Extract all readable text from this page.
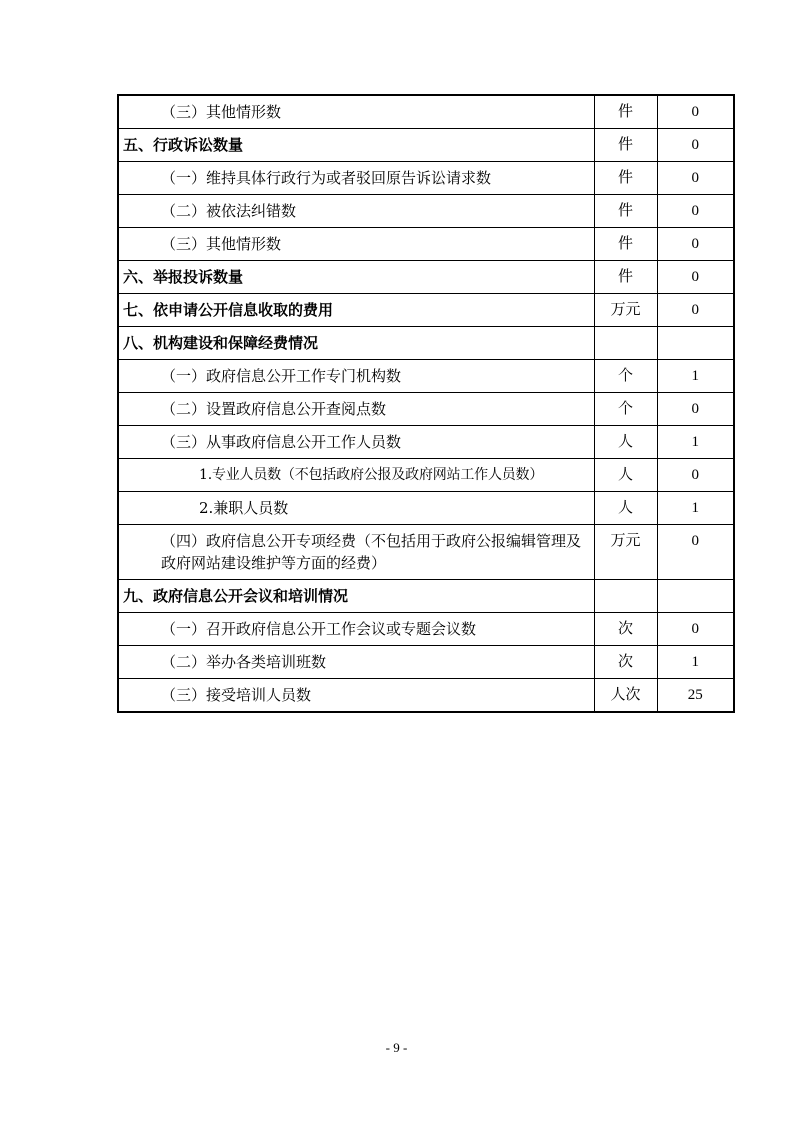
（三）其他情形数	件	0
五、行政诉讼数量	件	0
（一）维持具体行政行为或者驳回原告诉讼请求数	件	0
（二）被依法纠错数	件	0
（三）其他情形数	件	0
六、举报投诉数量	件	0
七、依申请公开信息收取的费用	万元	0
八、机构建设和保障经费情况		
（一）政府信息公开工作专门机构数	个	1
（二）设置政府信息公开查阅点数	个	0
（三）从事政府信息公开工作人员数	人	1
1.专业人员数（不包括政府公报及政府网站工作人员数）	人	0
2.兼职人员数	人	1
（四）政府信息公开专项经费（不包括用于政府公报编辑管理及政府网站建设维护等方面的经费）	万元	0
九、政府信息公开会议和培训情况		
（一）召开政府信息公开工作会议或专题会议数	次	0
（二）举办各类培训班数	次	1
（三）接受培训人员数	人次	25
- 9 -
